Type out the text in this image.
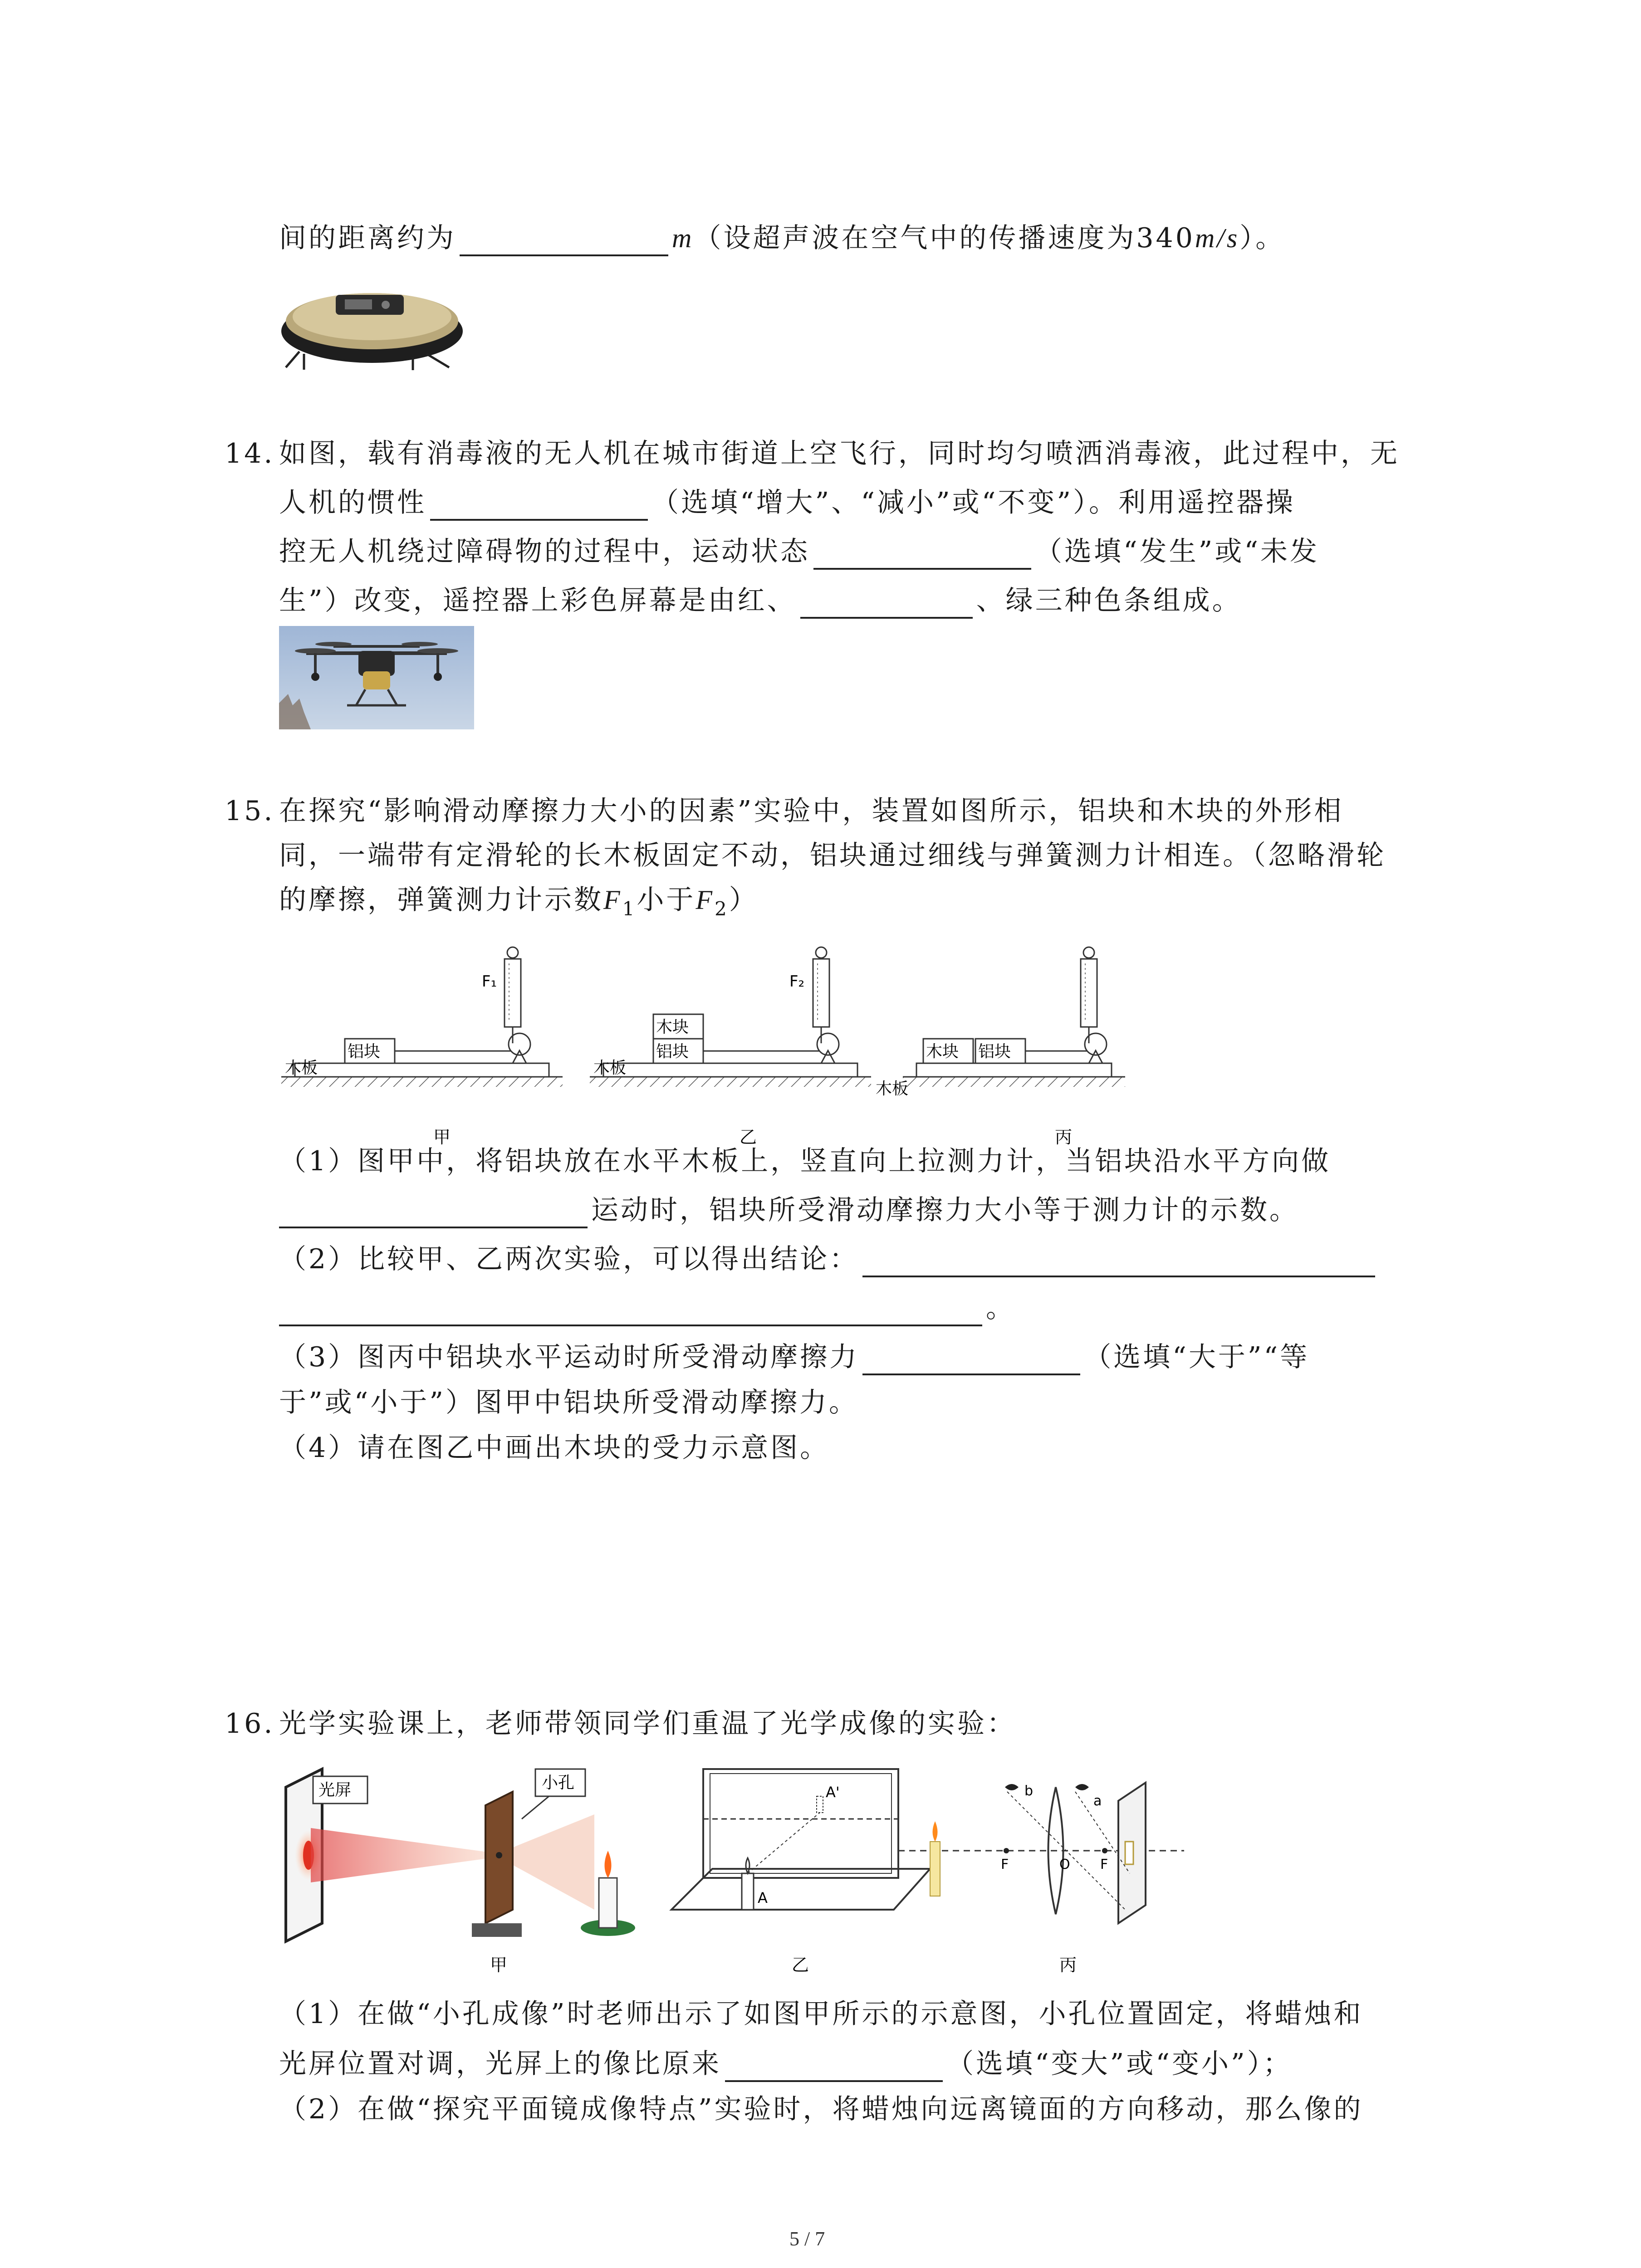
间的距离约为	m（设超声波在空气中的传播速度为340m/s）。
14. 如图，载有消毒液的无人机在城市街道上空飞行，同时均匀喷洒消毒液，此过程中，无
人机的惯性	（选填“增大”、“减小”或“不变”）。利用遥控器操
控无人机绕过障碍物的过程中，运动状态	（选填“发生”或“未发
生”）改变，遥控器上彩色屏幕是由红、	、绿三种色条组成。
15. 在探究“影响滑动摩擦力大小的因素”实验中，装置如图所示，铝块和木块的外形相
同，一端带有定滑轮的长木板固定不动，铝块通过细线与弹簧测力计相连。（忽略滑轮
的摩擦，弹簧测力计示数$F_1$小于$F_2$）
F₁
铝块
木板
F₂
木块
铝块
木板
木块 铝块
木板
甲	乙	丙
（1）图甲中，将铝块放在水平木板上，竖直向上拉测力计，当铝块沿水平方向做
运动时，铝块所受滑动摩擦力大小等于测力计的示数。
（2）比较甲、乙两次实验，可以得出结论：
。
（3）图丙中铝块水平运动时所受滑动摩擦力	（选填“大于”“等
于”或“小于”）图甲中铝块所受滑动摩擦力。
（4）请在图乙中画出木块的受力示意图。
16. 光学实验课上，老师带领同学们重温了光学成像的实验：
光屏	小孔
A
A'	b
a
F	O F
甲	乙	丙
（1）在做“小孔成像”时老师出示了如图甲所示的示意图，小孔位置固定，将蜡烛和
光屏位置对调，光屏上的像比原来	（选填“变大”或“变小”）；
（2）在做“探究平面镜成像特点”实验时，将蜡烛向远离镜面的方向移动，那么像的
5 / 7
